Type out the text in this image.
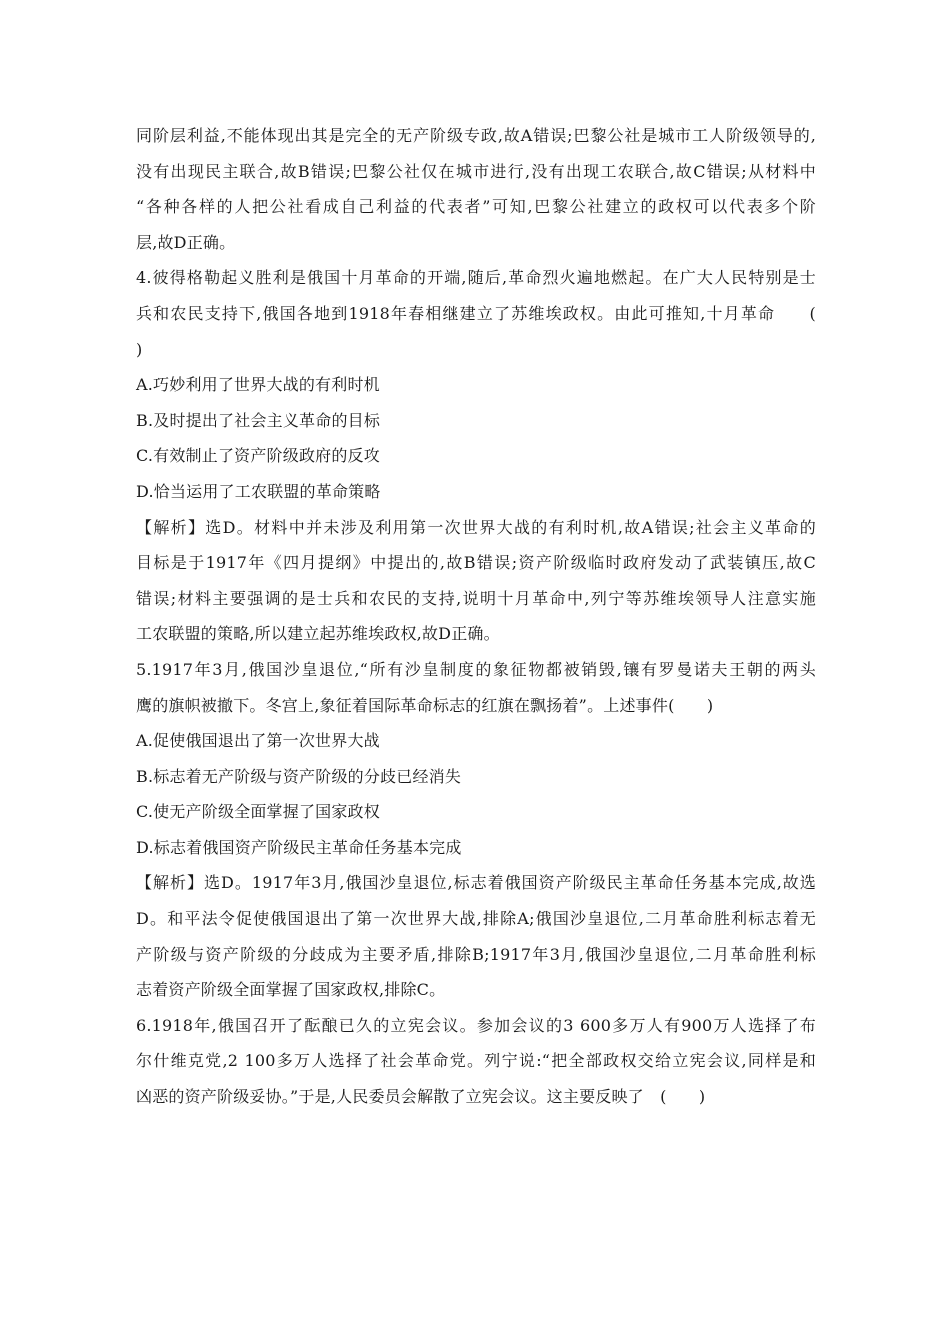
同阶层利益,不能体现出其是完全的无产阶级专政,故A错误;巴黎公社是城市工人阶级领导的,
没有出现民主联合,故B错误;巴黎公社仅在城市进行,没有出现工农联合,故C错误;从材料中
“各种各样的人把公社看成自己利益的代表者”可知,巴黎公社建立的政权可以代表多个阶
层,故D正确。
4.彼得格勒起义胜利是俄国十月革命的开端,随后,革命烈火遍地燃起。在广大人民特别是士
兵和农民支持下,俄国各地到1918年春相继建立了苏维埃政权。由此可推知,十月革命　　(
)
A.巧妙利用了世界大战的有利时机
B.及时提出了社会主义革命的目标
C.有效制止了资产阶级政府的反攻
D.恰当运用了工农联盟的革命策略
【解析】选D。材料中并未涉及利用第一次世界大战的有利时机,故A错误;社会主义革命的
目标是于1917年《四月提纲》中提出的,故B错误;资产阶级临时政府发动了武装镇压,故C
错误;材料主要强调的是士兵和农民的支持,说明十月革命中,列宁等苏维埃领导人注意实施
工农联盟的策略,所以建立起苏维埃政权,故D正确。
5.1917年3月,俄国沙皇退位,“所有沙皇制度的象征物都被销毁,镶有罗曼诺夫王朝的两头
鹰的旗帜被撤下。冬宫上,象征着国际革命标志的红旗在飘扬着”。上述事件(　　)
A.促使俄国退出了第一次世界大战
B.标志着无产阶级与资产阶级的分歧已经消失
C.使无产阶级全面掌握了国家政权
D.标志着俄国资产阶级民主革命任务基本完成
【解析】选D。1917年3月,俄国沙皇退位,标志着俄国资产阶级民主革命任务基本完成,故选
D。和平法令促使俄国退出了第一次世界大战,排除A;俄国沙皇退位,二月革命胜利标志着无
产阶级与资产阶级的分歧成为主要矛盾,排除B;1917年3月,俄国沙皇退位,二月革命胜利标
志着资产阶级全面掌握了国家政权,排除C。
6.1918年,俄国召开了酝酿已久的立宪会议。参加会议的3 600多万人有900万人选择了布
尔什维克党,2 100多万人选择了社会革命党。列宁说:“把全部政权交给立宪会议,同样是和
凶恶的资产阶级妥协。”于是,人民委员会解散了立宪会议。这主要反映了　(　　)
